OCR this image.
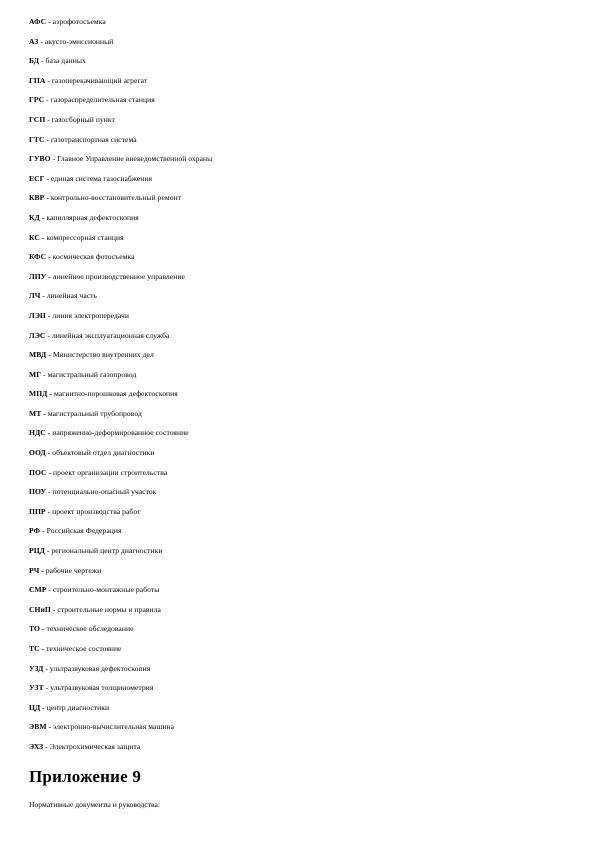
АФС - аэрофотосъемка
АЗ - акусто-эмиссионный
БД - база данных
ГПА - газоперекачивающий агрегат
ГРС - газораспределительная станция
ГСП - газосборный пункт
ГТС - газотранспортная система
ГУВО - Главное Управление вневедомственной охраны
ЕСГ - единая система газоснабжения
КВР - контрольно-восстановительный ремонт
КД - капиллярная дефектоскопия
КС - компрессорная станция
КФС - космическая фотосъемка
ЛПУ - линейное производственное управление
ЛЧ - линейная часть
ЛЭП - линия электропередачи
ЛЭС - линейная эксплуатационная служба
МВД - Министерство внутренних дел
МГ - магистральный газопровод
МПД - магнитно-порошковая дефектоскопия
МТ - магистральный трубопровод
НДС - напряженно-деформированное состояние
ООД - объектовый отдел диагностики
ПОС - проект организации строительства
ПОУ - потенциально-опасный участок
ППР - проект производства работ
РФ - Российская Федерация
РЦД - региональный центр диагностики
РЧ - рабочие чертежи
СМР - строительно-монтажные работы
СНиП - строительные нормы и правила
ТО - техническое обследование
ТС - техническое состояние
УЗД - ультразвуковая дефектоскопия
УЗТ - ультразвуковая толщинометрия
ЦД - центр диагностики
ЭВМ - электронно-вычислительная машина
ЭХЗ - Электрохимическая защита
Приложение 9

Нормативные документы и руководства:
